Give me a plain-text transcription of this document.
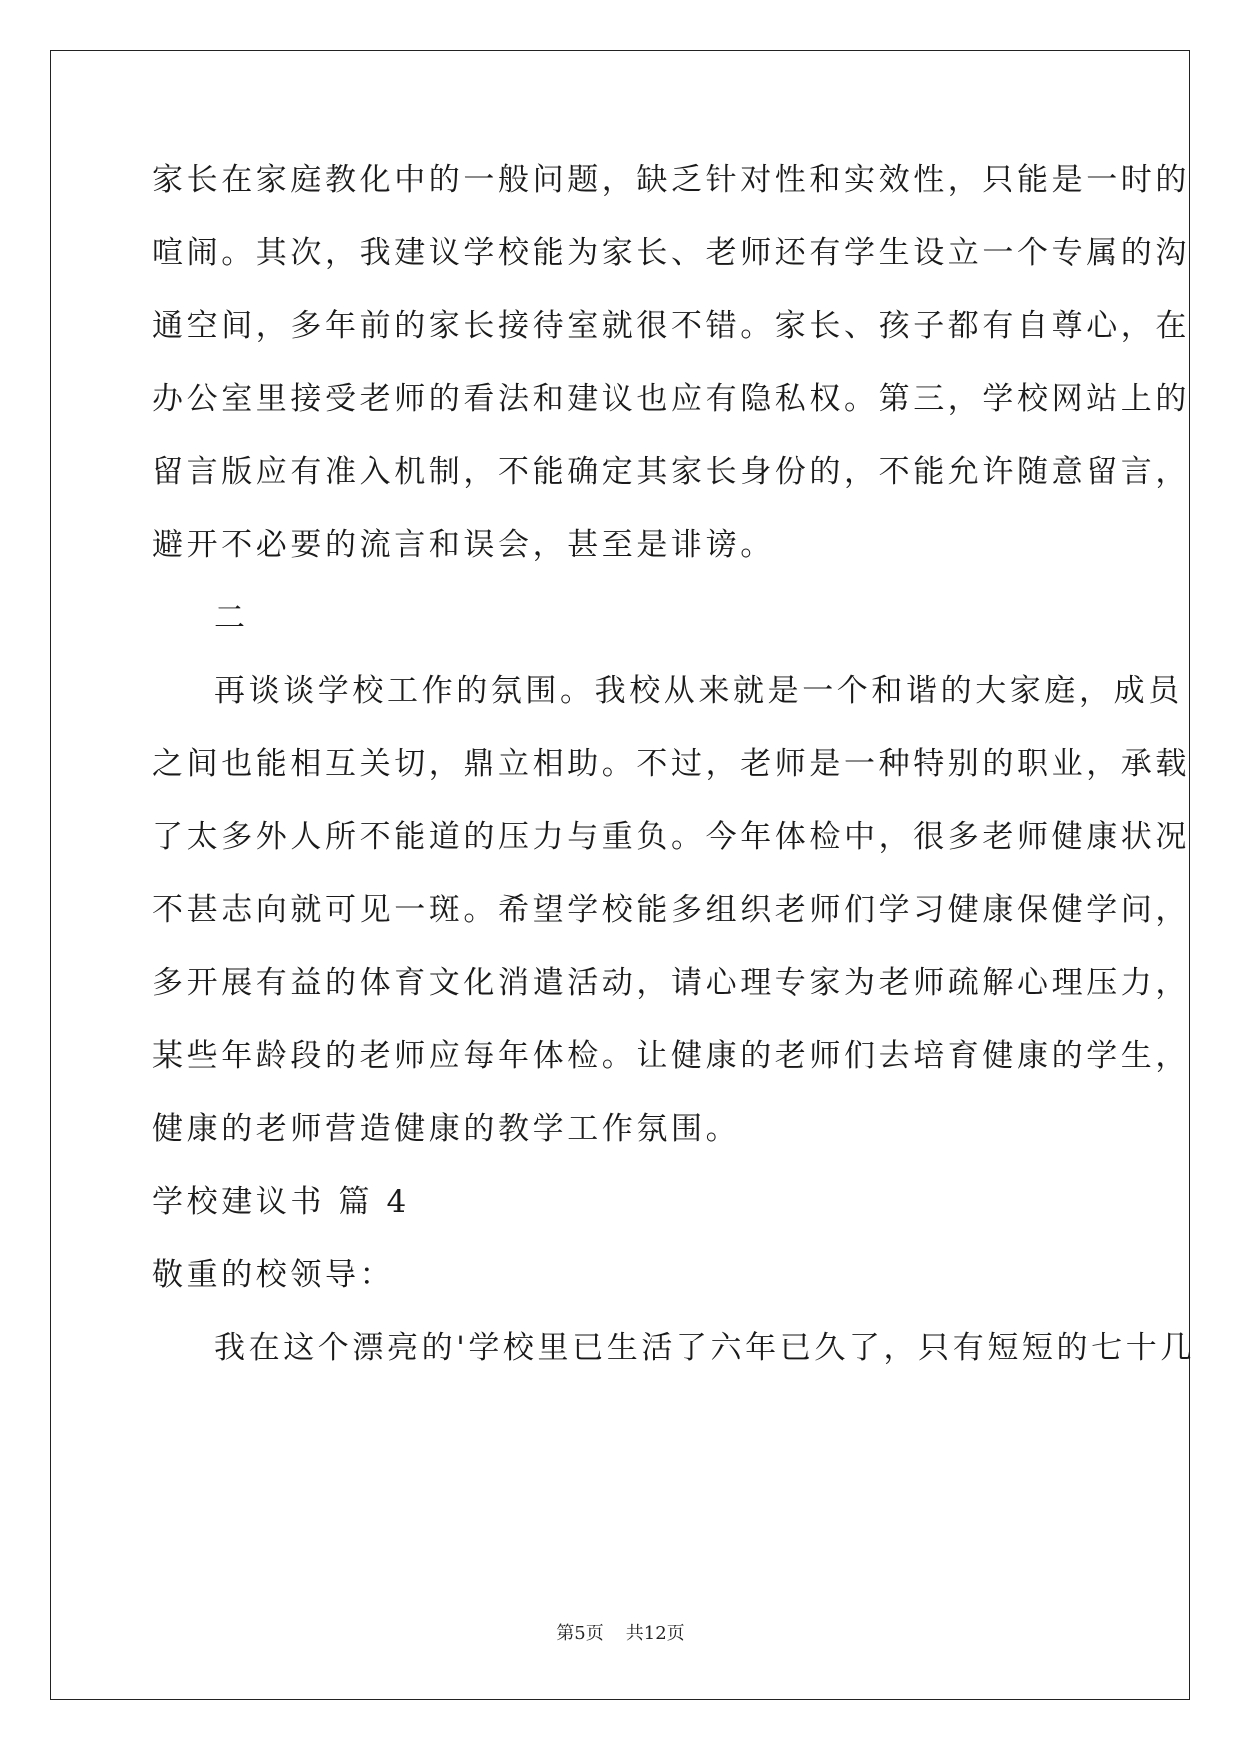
家长在家庭教化中的一般问题，缺乏针对性和实效性，只能是一时的
喧闹。其次，我建议学校能为家长、老师还有学生设立一个专属的沟
通空间，多年前的家长接待室就很不错。家长、孩子都有自尊心，在
办公室里接受老师的看法和建议也应有隐私权。第三，学校网站上的
留言版应有准入机制，不能确定其家长身份的，不能允许随意留言，
避开不必要的流言和误会，甚至是诽谤。
二
再谈谈学校工作的氛围。我校从来就是一个和谐的大家庭，成员
之间也能相互关切，鼎立相助。不过，老师是一种特别的职业，承载
了太多外人所不能道的压力与重负。今年体检中，很多老师健康状况
不甚志向就可见一斑。希望学校能多组织老师们学习健康保健学问，
多开展有益的体育文化消遣活动，请心理专家为老师疏解心理压力，
某些年龄段的老师应每年体检。让健康的老师们去培育健康的学生，
健康的老师营造健康的教学工作氛围。
学校建议书 篇 4
敬重的校领导：
我在这个漂亮的'学校里已生活了六年已久了，只有短短的七十几
第5页 共12页
